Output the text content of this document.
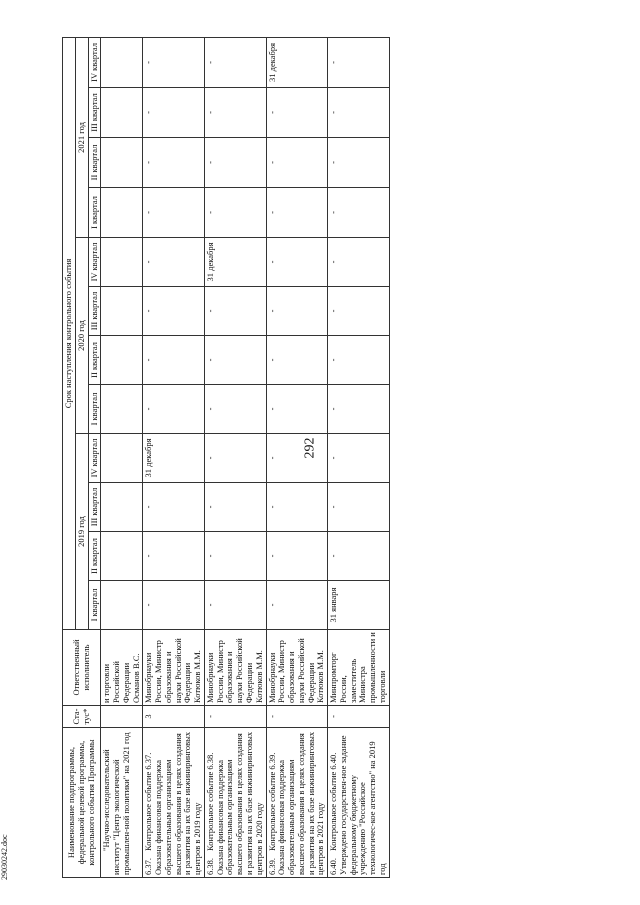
292
29030242.doc	Наименование подпрограммы, федеральной целевой программы, контрольного события Программы	Ста-тус*	Ответственный исполнитель	Срок наступления контрольного события											
			2019 год				2020 год				2021 год			
			I квартал	II квартал	III квартал	IV квартал	I квартал	II квартал	III квартал	IV квартал	I квартал	II квартал	III квартал	IV квартал
"Научно-исследовательский институт "Центр экологической промышлен-ной политики" на 2021 год		и торговли Российской Федерации Османов В.С.												
6.37.Контрольное событие 6.37. Оказана финансовая поддержка образовательным организациям высшего образования в целях создания и развития на их базе инжиниринговых центров в 2019 году	3	Минобрнауки России, Министр образования и науки Российской Федерации Котюков М.М.	-	-	-	31 декабря	-	-	-	-	-	-	-	-
6.38.Контрольное событие 6.38. Оказана финансовая поддержка образовательным организациям высшего образования в целях создания и развития на их базе инжиниринговых центров в 2020 году	-	Минобрнауки России, Министр образования и науки Российской Федерации Котюков М.М.	-	-	-	-	-	-	-	31 декабря	-	-	-	-
6.39.Контрольное событие 6.39. Оказана финансовая поддержка образовательным организациям высшего образования в целях создания и развития на их базе инжиниринговых центров в 2021 году	-	Минобрнауки России, Министр образования и науки Российской Федерации Котюков М.М.	-	-	-	-	-	-	-	-	-	-	-	31 декабря
6.40.Контрольное событие 6.40. Утверждено государствен-ное задание федеральному бюджетному учреждению "Российское технологичес-кое агентство" на 2019 год	-	Минпромторг России, заместитель Министра промышленности и торговли	31 января	-	-	-	-	-	-	-	-	-	-	-
